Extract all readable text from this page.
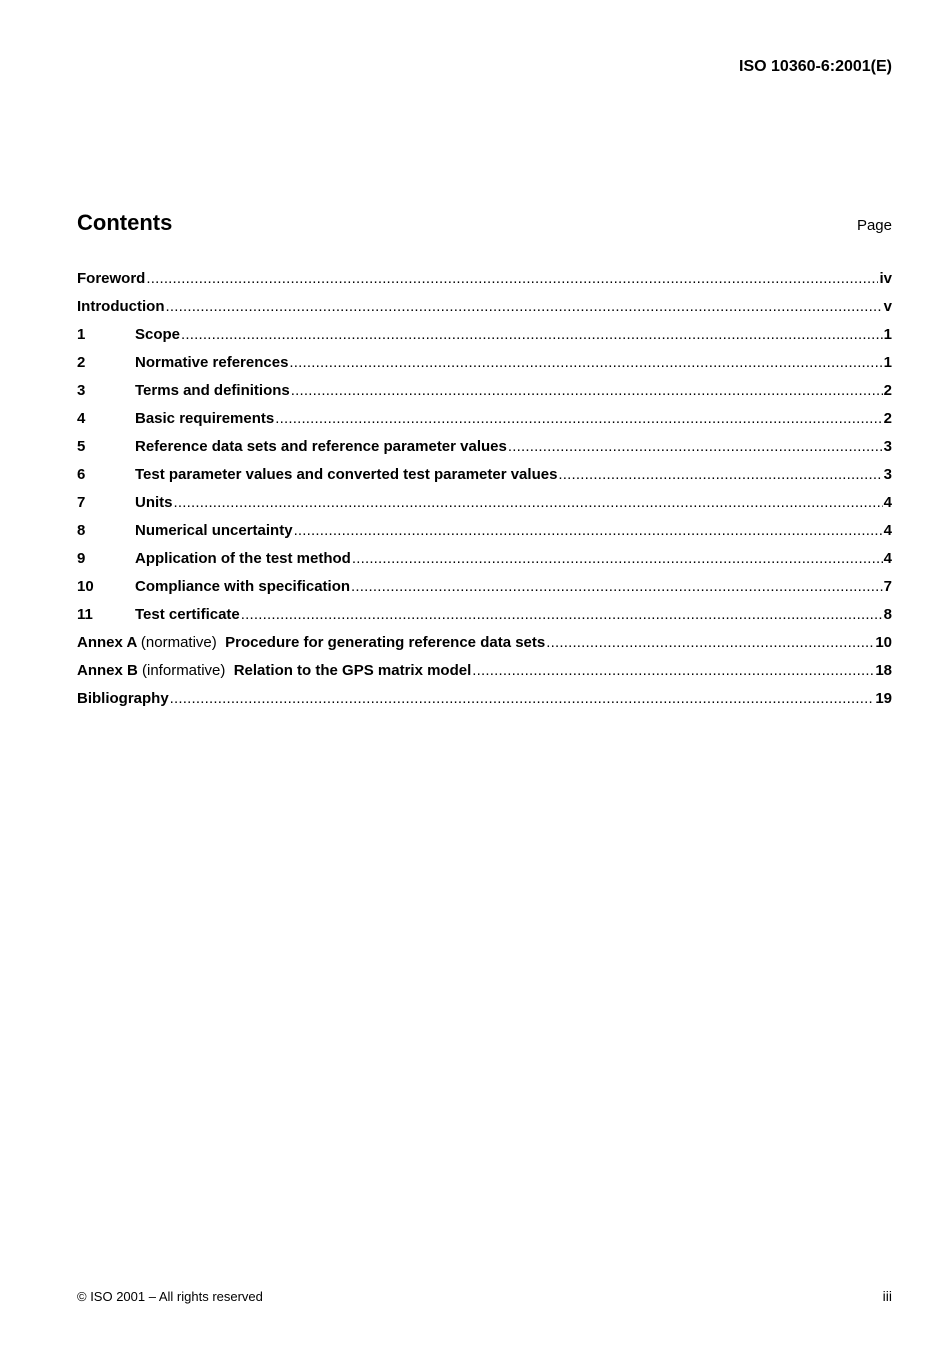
ISO 10360-6:2001(E)
Contents	Page
Foreword .....	iv
Introduction .....	v
1	Scope .....	1
2	Normative references .....	1
3	Terms and definitions .....	2
4	Basic requirements .....	2
5	Reference data sets and reference parameter values .....	3
6	Test parameter values and converted test parameter values .....	3
7	Units .....	4
8	Numerical uncertainty .....	4
9	Application of the test method .....	4
10	Compliance with specification .....	7
11	Test certificate .....	8
Annex A (normative) Procedure for generating reference data sets .....	10
Annex B (informative) Relation to the GPS matrix model .....	18
Bibliography .....	19
© ISO 2001 – All rights reserved	iii
